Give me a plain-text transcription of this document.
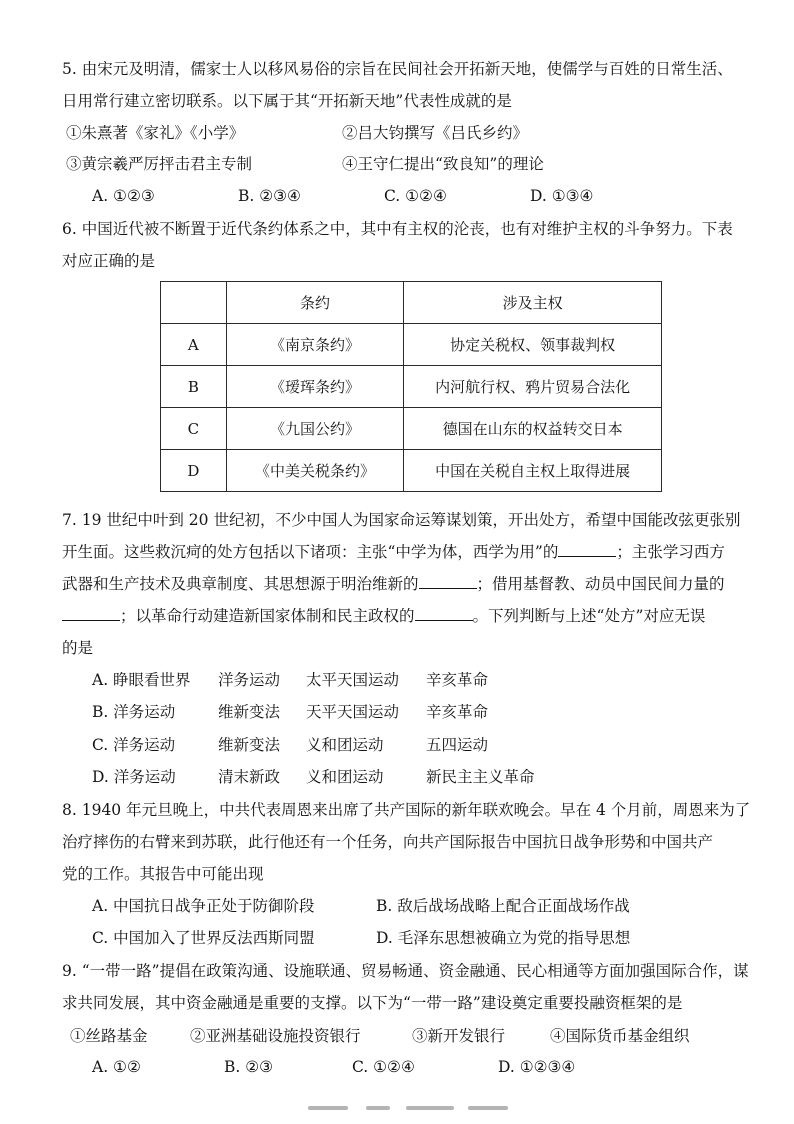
5. 由宋元及明清，儒家士人以移风易俗的宗旨在民间社会开拓新天地，使儒学与百姓的日常生活、
日用常行建立密切联系。以下属于其“开拓新天地”代表性成就的是
①朱熹著《家礼》《小学》	②吕大钧撰写《吕氏乡约》
③黄宗羲严厉抨击君主专制	④王守仁提出“致良知”的理论
A. ①②③	B. ②③④	C. ①②④	D. ①③④
6. 中国近代被不断置于近代条约体系之中，其中有主权的沦丧，也有对维护主权的斗争努力。下表
对应正确的是
	条约	涉及主权
A	《南京条约》	协定关税权、领事裁判权
B	《瑷珲条约》	内河航行权、鸦片贸易合法化
C	《九国公约》	德国在山东的权益转交日本
D	《中美关税条约》	中国在关税自主权上取得进展
7. 19 世纪中叶到 20 世纪初，不少中国人为国家命运筹谋划策，开出处方，希望中国能改弦更张别
开生面。这些救沉疴的处方包括以下诸项：主张“中学为体，西学为用”的	；主张学习西方
武器和生产技术及典章制度、其思想源于明治维新的	；借用基督教、动员中国民间力量的
；以革命行动建造新国家体制和民主政权的	。下列判断与上述“处方”对应无误
的是
A. 睁眼看世界 洋务运动 太平天国运动 辛亥革命
B. 洋务运动	维新变法 天平天国运动 辛亥革命
C. 洋务运动	维新变法 义和团运动	五四运动
D. 洋务运动	清末新政 义和团运动	新民主主义革命
8. 1940 年元旦晚上，中共代表周恩来出席了共产国际的新年联欢晚会。早在 4 个月前，周恩来为了
治疗摔伤的右臂来到苏联，此行他还有一个任务，向共产国际报告中国抗日战争形势和中国共产
党的工作。其报告中可能出现
A. 中国抗日战争正处于防御阶段	B. 敌后战场战略上配合正面战场作战
C. 中国加入了世界反法西斯同盟	D. 毛泽东思想被确立为党的指导思想
9. “一带一路”提倡在政策沟通、设施联通、贸易畅通、资金融通、民心相通等方面加强国际合作，谋
求共同发展，其中资金融通是重要的支撑。以下为“一带一路”建设奠定重要投融资框架的是
①丝路基金	②亚洲基础设施投资银行	③新开发银行	④国际货币基金组织
A. ①②	B. ②③	C. ①②④	D. ①②③④
